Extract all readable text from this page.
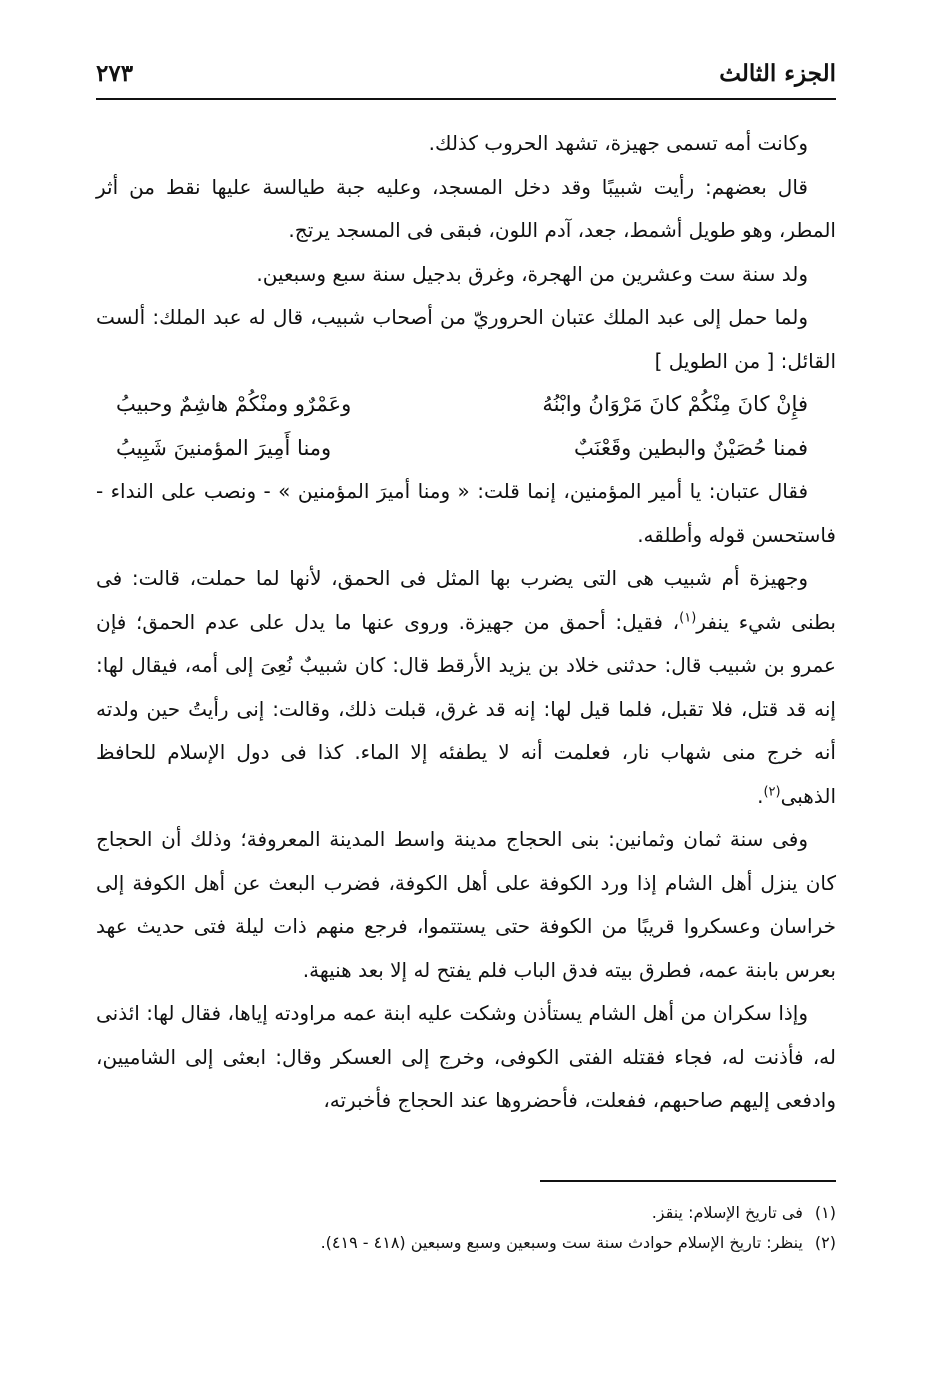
الجزء الثالث
٢٧٣

وكانت أمه تسمى جهيزة، تشهد الحروب كذلك.

قال بعضهم: رأيت شبيبًا وقد دخل المسجد، وعليه جبة طيالسة عليها نقط من أثر المطر، وهو طويل أشمط، جعد، آدم اللون، فبقى فى المسجد يرتج.

ولد سنة ست وعشرين من الهجرة، وغرق بدجيل سنة سبع وسبعين.

ولما حمل إلى عبد الملك عتبان الحروريّ من أصحاب شبيب، قال له عبد الملك: ألست القائل: [ من الطويل ]

فإِنْ كانَ مِنْكُمْ كانَ مَرْوَانُ وابْنُهُ
وعَمْرٌو ومنْكُمْ هاشِمٌ وحبيبُ
فمنا حُصَيْنٌ والبطين وقَعْنَبٌ
ومنا أَمِيرَ المؤمنينَ شَبِيبُ

فقال عتبان: يا أمير المؤمنين، إنما قلت: « ومنا أميرَ المؤمنين » - ونصب على النداء - فاستحسن قوله وأطلقه.

وجهيزة أم شبيب هى التى يضرب بها المثل فى الحمق، لأنها لما حملت، قالت: فى بطنى شيء ينفر$^{(١)}$، فقيل: أحمق من جهيزة. وروى عنها ما يدل على عدم الحمق؛ فإن عمرو بن شبيب قال: حدثنى خلاد بن يزيد الأرقط قال: كان شبيبٌ نُعِىَ إلى أمه، فيقال لها: إنه قد قتل، فلا تقبل، فلما قيل لها: إنه قد غرق، قبلت ذلك، وقالت: إنى رأيتُ حين ولدته أنه خرج منى شهاب نار، فعلمت أنه لا يطفئه إلا الماء. كذا فى دول الإسلام للحافظ الذهبى$^{(٢)}$.

وفى سنة ثمان وثمانين: بنى الحجاج مدينة واسط المدينة المعروفة؛ وذلك أن الحجاج كان ينزل أهل الشام إذا ورد الكوفة على أهل الكوفة، فضرب البعث عن أهل الكوفة إلى خراسان وعسكروا قريبًا من الكوفة حتى يستتموا، فرجع منهم ذات ليلة فتى حديث عهد بعرس بابنة عمه، فطرق بيته فدق الباب فلم يفتح له إلا بعد هنيهة.

وإذا سكران من أهل الشام يستأذن وشكت عليه ابنة عمه مراودته إياها، فقال لها: ائذنى له، فأذنت له، فجاء فقتله الفتى الكوفى، وخرج إلى العسكر وقال: ابعثى إلى الشاميين، وادفعى إليهم صاحبهم، ففعلت، فأحضروها عند الحجاج فأخبرته،

(١) فى تاريخ الإسلام: ينقز.
(٢) ينظر: تاريخ الإسلام حوادث سنة ست وسبعين وسبع وسبعين (٤١٨ - ٤١٩).
